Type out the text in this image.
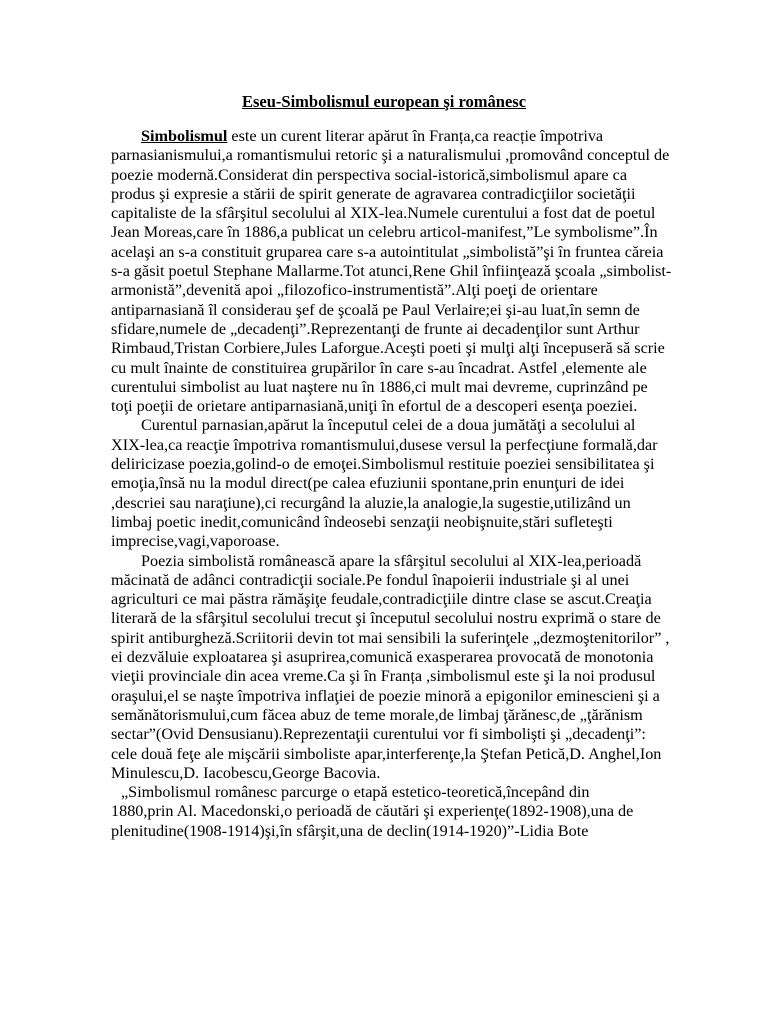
Eseu-Simbolismul european şi românesc
Simbolismul este un curent literar apărut în Franța,ca reacție împotriva
parnasianismului,a romantismului retoric şi a naturalismului ,promovând conceptul de
poezie modernă.Considerat din perspectiva social-istorică,simbolismul apare ca
produs şi expresie a stării de spirit generate de agravarea contradicţiilor societăţii
capitaliste de la sfârşitul secolului al XIX-lea.Numele curentului a fost dat de poetul
Jean Moreas,care în 1886,a publicat un celebru articol-manifest,”Le symbolisme”.În
acelaşi an s-a constituit gruparea care s-a autointitulat „simbolistă”şi în fruntea căreia
s-a găsit poetul Stephane Mallarme.Tot atunci,Rene Ghil înfiinţează şcoala „simbolist-
armonistă”,devenită apoi „filozofico-instrumentistă”.Alţi poeţi de orientare
antiparnasiană îl considerau şef de şcoală pe Paul Verlaire;ei şi-au luat,în semn de
sfidare,numele de „decadenţi”.Reprezentanţi de frunte ai decadenţilor sunt Arthur
Rimbaud,Tristan Corbiere,Jules Laforgue.Aceşti poeti şi mulţi alţi începuseră să scrie
cu mult înainte de constituirea grupărilor în care s-au încadrat. Astfel ,elemente ale
curentului simbolist au luat naştere nu în 1886,ci mult mai devreme, cuprinzând pe
toţi poeţii de orietare antiparnasiană,uniţi în efortul de a descoperi esenţa poeziei.
Curentul parnasian,apărut la începutul celei de a doua jumătăţi a secolului al
XIX-lea,ca reacţie împotriva romantismului,dusese versul la perfecţiune formală,dar
deliricizase poezia,golind-o de emoţei.Simbolismul restituie poeziei sensibilitatea şi
emoţia,însă nu la modul direct(pe calea efuziunii spontane,prin enunţuri de idei
,descriei sau naraţiune),ci recurgând la aluzie,la analogie,la sugestie,utilizând un
limbaj poetic inedit,comunicând îndeosebi senzaţii neobişnuite,stări sufleteşti
imprecise,vagi,vaporoase.
Poezia simbolistă românească apare la sfârşitul secolului al XIX-lea,perioadă
măcinată de adânci contradicţii sociale.Pe fondul înapoierii industriale şi al unei
agriculturi ce mai păstra rămăşiţe feudale,contradicţiile dintre clase se ascut.Creaţia
literară de la sfârşitul secolului trecut şi începutul secolului nostru exprimă o stare de
spirit antiburgheză.Scriitorii devin tot mai sensibili la suferinţele „dezmoştenitorilor” ,
ei dezvăluie exploatarea şi asuprirea,comunică exasperarea provocată de monotonia
vieţii provinciale din acea vreme.Ca şi în Franța ,simbolismul este şi la noi produsul
oraşului,el se naşte împotriva inflaţiei de poezie minoră a epigonilor eminescieni şi a
semănătorismului,cum făcea abuz de teme morale,de limbaj ţărănesc,de „ţărănism
sectar”(Ovid Densusianu).Reprezentaţii curentului vor fi simbolişti şi „decadenţi”:
cele două feţe ale mişcării simboliste apar,interferenţe,la Ştefan Petică,D. Anghel,Ion
Minulescu,D. Iacobescu,George Bacovia.
„Simbolismul românesc parcurge o etapă estetico-teoretică,începând din
1880,prin Al. Macedonski,o perioadă de căutări şi experienţe(1892-1908),una de
plenitudine(1908-1914)şi,în sfârşit,una de declin(1914-1920)”-Lidia Bote
